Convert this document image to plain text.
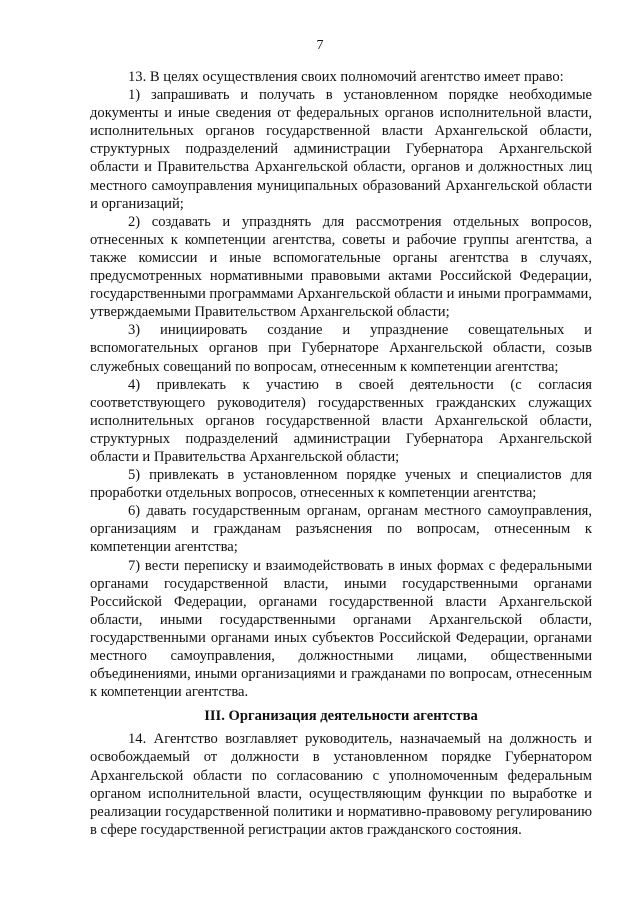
7

13. В целях осуществления своих полномочий агентство имеет право:

1) запрашивать и получать в установленном порядке необходимые документы и иные сведения от федеральных органов исполнительной власти, исполнительных органов государственной власти Архангельской области, структурных подразделений администрации Губернатора Архангельской области и Правительства Архангельской области, органов и должностных лиц местного самоуправления муниципальных образований Архангельской области и организаций;

2) создавать и упразднять для рассмотрения отдельных вопросов, отнесенных к компетенции агентства, советы и рабочие группы агентства, а также комиссии и иные вспомогательные органы агентства в случаях, предусмотренных нормативными правовыми актами Российской Федерации, государственными программами Архангельской области и иными программами, утверждаемыми Правительством Архангельской области;

3) инициировать создание и упразднение совещательных и вспомогательных органов при Губернаторе Архангельской области, созыв служебных совещаний по вопросам, отнесенным к компетенции агентства;

4) привлекать к участию в своей деятельности (с согласия соответствующего руководителя) государственных гражданских служащих исполнительных органов государственной власти Архангельской области, структурных подразделений администрации Губернатора Архангельской области и Правительства Архангельской области;

5) привлекать в установленном порядке ученых и специалистов для проработки отдельных вопросов, отнесенных к компетенции агентства;

6) давать государственным органам, органам местного самоуправления, организациям и гражданам разъяснения по вопросам, отнесенным к компетенции агентства;

7) вести переписку и взаимодействовать в иных формах с федеральными органами государственной власти, иными государственными органами Российской Федерации, органами государственной власти Архангельской области, иными государственными органами Архангельской области, государственными органами иных субъектов Российской Федерации, органами местного самоуправления, должностными лицами, общественными объединениями, иными организациями и гражданами по вопросам, отнесенным к компетенции агентства.

III. Организация деятельности агентства

14. Агентство возглавляет руководитель, назначаемый на должность и освобождаемый от должности в установленном порядке Губернатором Архангельской области по согласованию с уполномоченным федеральным органом исполнительной власти, осуществляющим функции по выработке и реализации государственной политики и нормативно-правовому регулированию в сфере государственной регистрации актов гражданского состояния.
